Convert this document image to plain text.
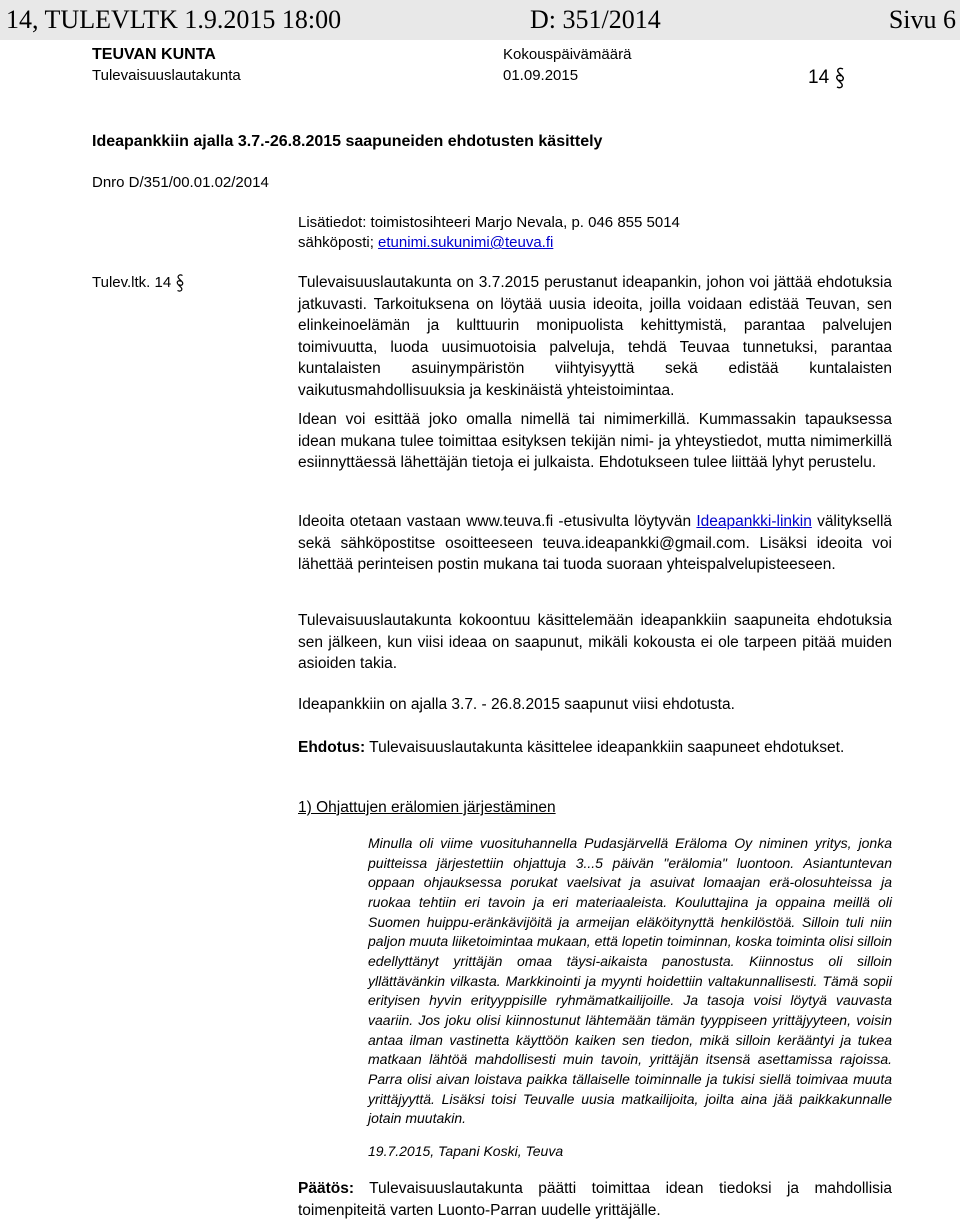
14, TULEVLTK 1.9.2015 18:00	D: 351/2014	Sivu 6
TEUVAN KUNTA
Tulevaisuuslautakunta
Kokouspäivämäärä
01.09.2015	14
Ideapankkiin ajalla 3.7.-26.8.2015 saapuneiden ehdotusten käsittely
Dnro D/351/00.01.02/2014
Lisätiedot: toimistosihteeri Marjo Nevala, p. 046 855 5014
sähköposti; etunimi.sukunimi@teuva.fi
Tulev.ltk. 14	Tulevaisuuslautakunta on 3.7.2015 perustanut ideapankin, johon voi jättää ehdotuksia jatkuvasti. Tarkoituksena on löytää uusia ideoita, joilla voidaan edistää Teuvan, sen elinkeinoelämän ja kulttuurin monipuolista kehittymistä, parantaa palvelujen toimivuutta, luoda uusimuotoisia palveluja, tehdä Teuvaa tunnetuksi, parantaa kuntalaisten asuinympäristön viihtyisyyttä sekä edistää kuntalaisten vaikutusmahdollisuuksia ja keskinäistä yhteistoimintaa.
Idean voi esittää joko omalla nimellä tai nimimerkillä. Kummassakin tapauksessa idean mukana tulee toimittaa esityksen tekijän nimi- ja yhteystiedot, mutta nimimerkillä esiinnyttäessä lähettäjän tietoja ei julkaista. Ehdotukseen tulee liittää lyhyt perustelu.
Ideoita otetaan vastaan www.teuva.fi -etusivulta löytyvän Ideapankki-linkin välityksellä sekä sähköpostitse osoitteeseen teuva.ideapankki@gmail.com. Lisäksi ideoita voi lähettää perinteisen postin mukana tai tuoda suoraan yhteispalvelupisteeseen.
Tulevaisuuslautakunta kokoontuu käsittelemään ideapankkiin saapuneita ehdotuksia sen jälkeen, kun viisi ideaa on saapunut, mikäli kokousta ei ole tarpeen pitää muiden asioiden takia.
Ideapankkiin on ajalla 3.7. - 26.8.2015 saapunut viisi ehdotusta.
Ehdotus: Tulevaisuuslautakunta käsittelee ideapankkiin saapuneet ehdotukset.
1) Ohjattujen erälomien järjestäminen
Minulla oli viime vuosituhannella Pudasjärvellä Eräloma Oy niminen yritys, jonka puitteissa järjestettiin ohjattuja 3...5 päivän "erälomia" luontoon. Asiantuntevan oppaan ohjauksessa porukat vaelsivat ja asuivat lomaajan erä-olosuhteissa ja ruokaa tehtiin eri tavoin ja eri materiaaleista. Kouluttajina ja oppaina meillä oli Suomen huippu-eränkävijöitä ja armeijan eläköitynyttä henkilöstöä. Silloin tuli niin paljon muuta liiketoimintaa mukaan, että lopetin toiminnan, koska toiminta olisi silloin edellyttänyt yrittäjän omaa täysi-aikaista panostusta. Kiinnostus oli silloin yllättävänkin vilkasta. Markkinointi ja myynti hoidettiin valtakunnallisesti. Tämä sopii erityisen hyvin erityyppisille ryhmämatkailijoille. Ja tasoja voisi löytyä vauvasta vaariin. Jos joku olisi kiinnostunut lähtemään tämän tyyppiseen yrittäjyyteen, voisin antaa ilman vastinetta käyttöön kaiken sen tiedon, mikä silloin kerääntyi ja tukea matkaan lähtöä mahdollisesti muin tavoin, yrittäjän itsensä asettamissa rajoissa. Parra olisi aivan loistava paikka tällaiselle toiminnalle ja tukisi siellä toimivaa muuta yrittäjyyttä. Lisäksi toisi Teuvalle uusia matkailijoita, joilta aina jää paikkakunnalle jotain muutakin.
19.7.2015, Tapani Koski, Teuva
Päätös: Tulevaisuuslautakunta päätti toimittaa idean tiedoksi ja mahdollisia toimenpiteitä varten Luonto-Parran uudelle yrittäjälle.
